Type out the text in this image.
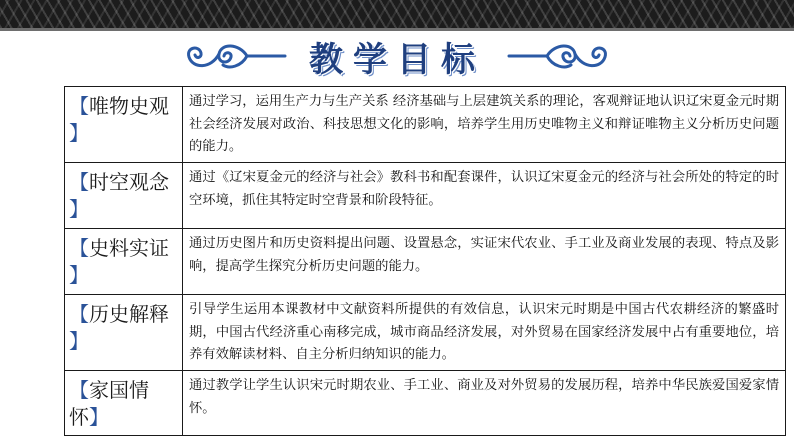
教学目标
【唯物史观
】
通过学习，运用生产力与生产关系 经济基础与上层建筑关系的理论，客观辩证地认识辽宋夏金元时期社会经济发展对政治、科技思想文化的影响，培养学生用历史唯物主义和辩证唯物主义分析历史问题的能力。
【时空观念
】
通过《辽宋夏金元的经济与社会》教科书和配套课件，认识辽宋夏金元的经济与社会所处的特定的时空环境，抓住其特定时空背景和阶段特征。
【史料实证
】
通过历史图片和历史资料提出问题、设置悬念，实证宋代农业、手工业及商业发展的表现、特点及影响，提高学生探究分析历史问题的能力。
【历史解释
】
引导学生运用本课教材中文献资料所提供的有效信息，认识宋元时期是中国古代农耕经济的繁盛时期，中国古代经济重心南移完成，城市商品经济发展，对外贸易在国家经济发展中占有重要地位，培养有效解读材料、自主分析归纳知识的能力。
【家国情怀】
通过教学让学生认识宋元时期农业、手工业、商业及对外贸易的发展历程，培养中华民族爱国爱家情怀。
